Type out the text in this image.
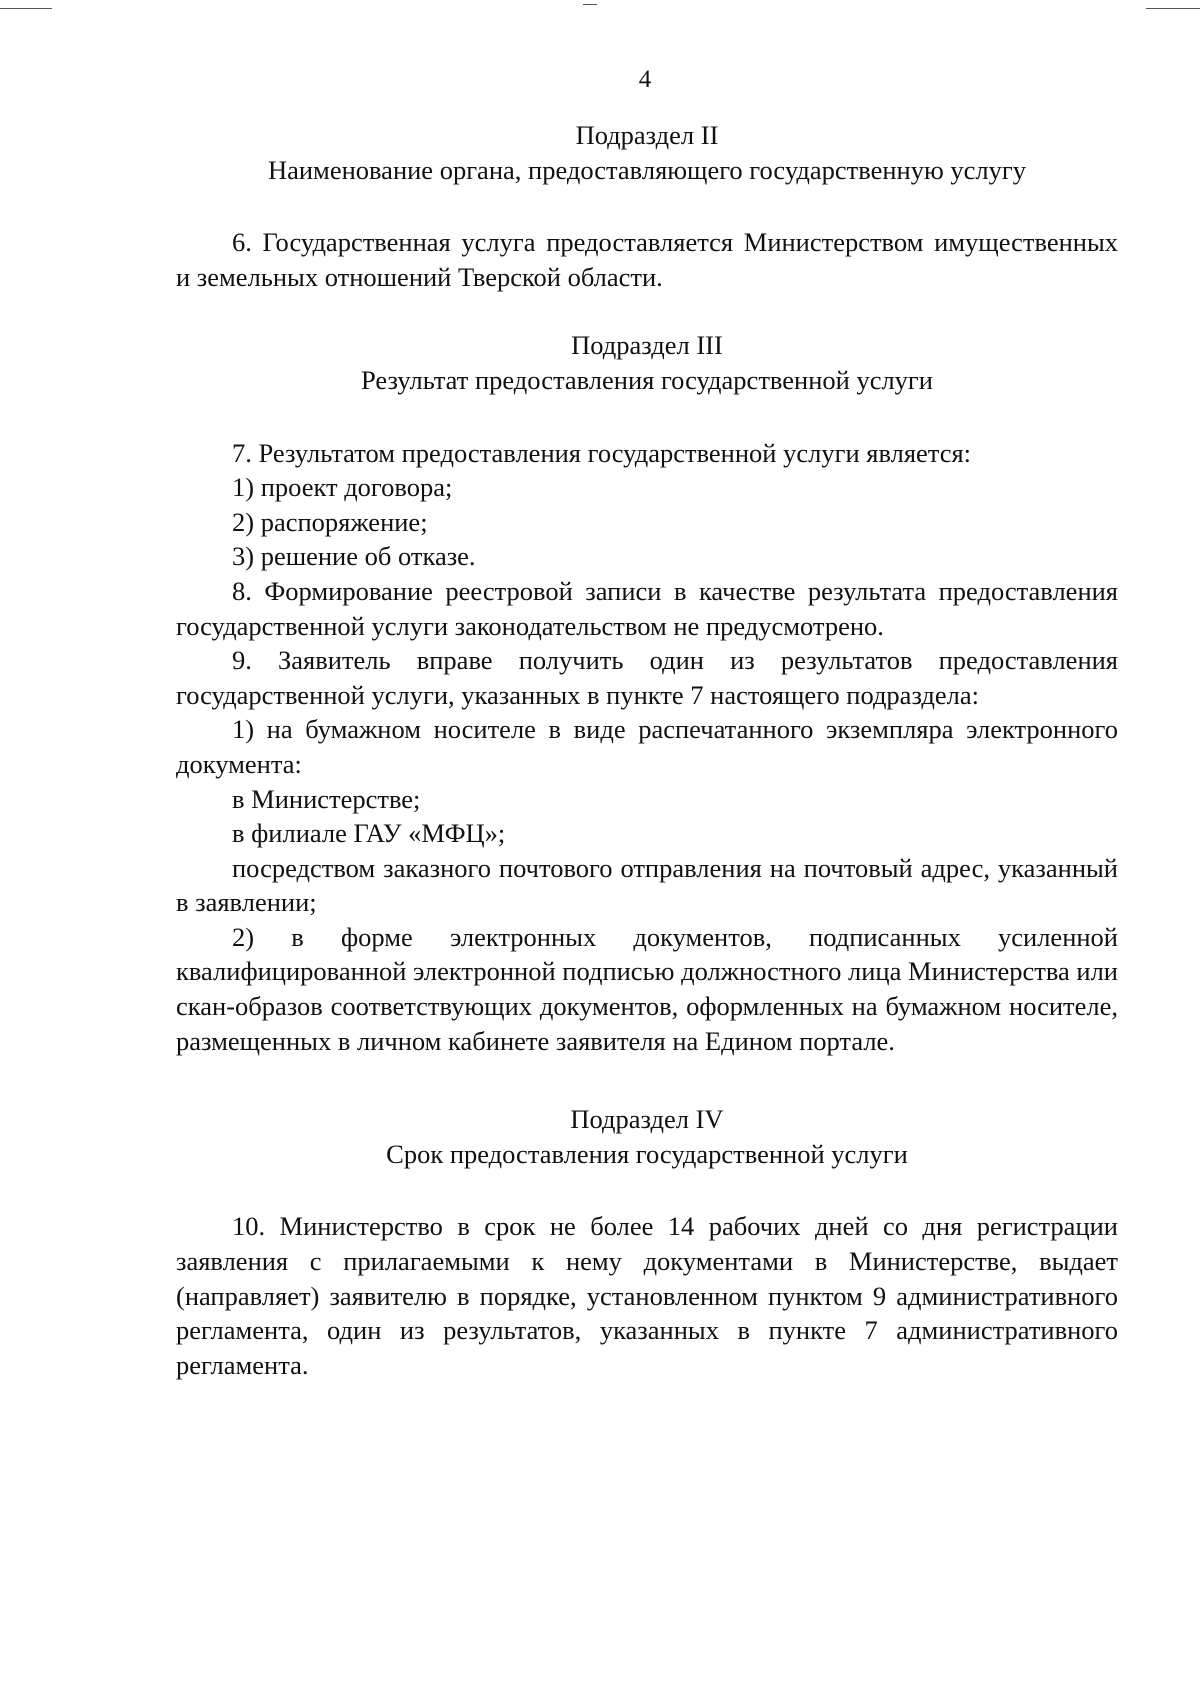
4

Подраздел II

Наименование органа, предоставляющего государственную услугу

6. Государственная услуга предоставляется Министерством имущественных и земельных отношений Тверской области.

Подраздел III

Результат предоставления государственной услуги

7. Результатом предоставления государственной услуги является:

1) проект договора;

2) распоряжение;

3) решение об отказе.

8. Формирование реестровой записи в качестве результата предоставления государственной услуги законодательством не предусмотрено.

9. Заявитель вправе получить один из результатов предоставления государственной услуги, указанных в пункте 7 настоящего подраздела:

1) на бумажном носителе в виде распечатанного экземпляра электронного документа:

в Министерстве;

в филиале ГАУ «МФЦ»;

посредством заказного почтового отправления на почтовый адрес, указанный в заявлении;

2) в форме электронных документов, подписанных усиленной квалифицированной электронной подписью должностного лица Министерства или скан-образов соответствующих документов, оформленных на бумажном носителе, размещенных в личном кабинете заявителя на Едином портале.

Подраздел IV

Срок предоставления государственной услуги

10. Министерство в срок не более 14 рабочих дней со дня регистрации заявления с прилагаемыми к нему документами в Министерстве, выдает (направляет) заявителю в порядке, установленном пунктом 9 административного регламента, один из результатов, указанных в пункте 7 административного регламента.
